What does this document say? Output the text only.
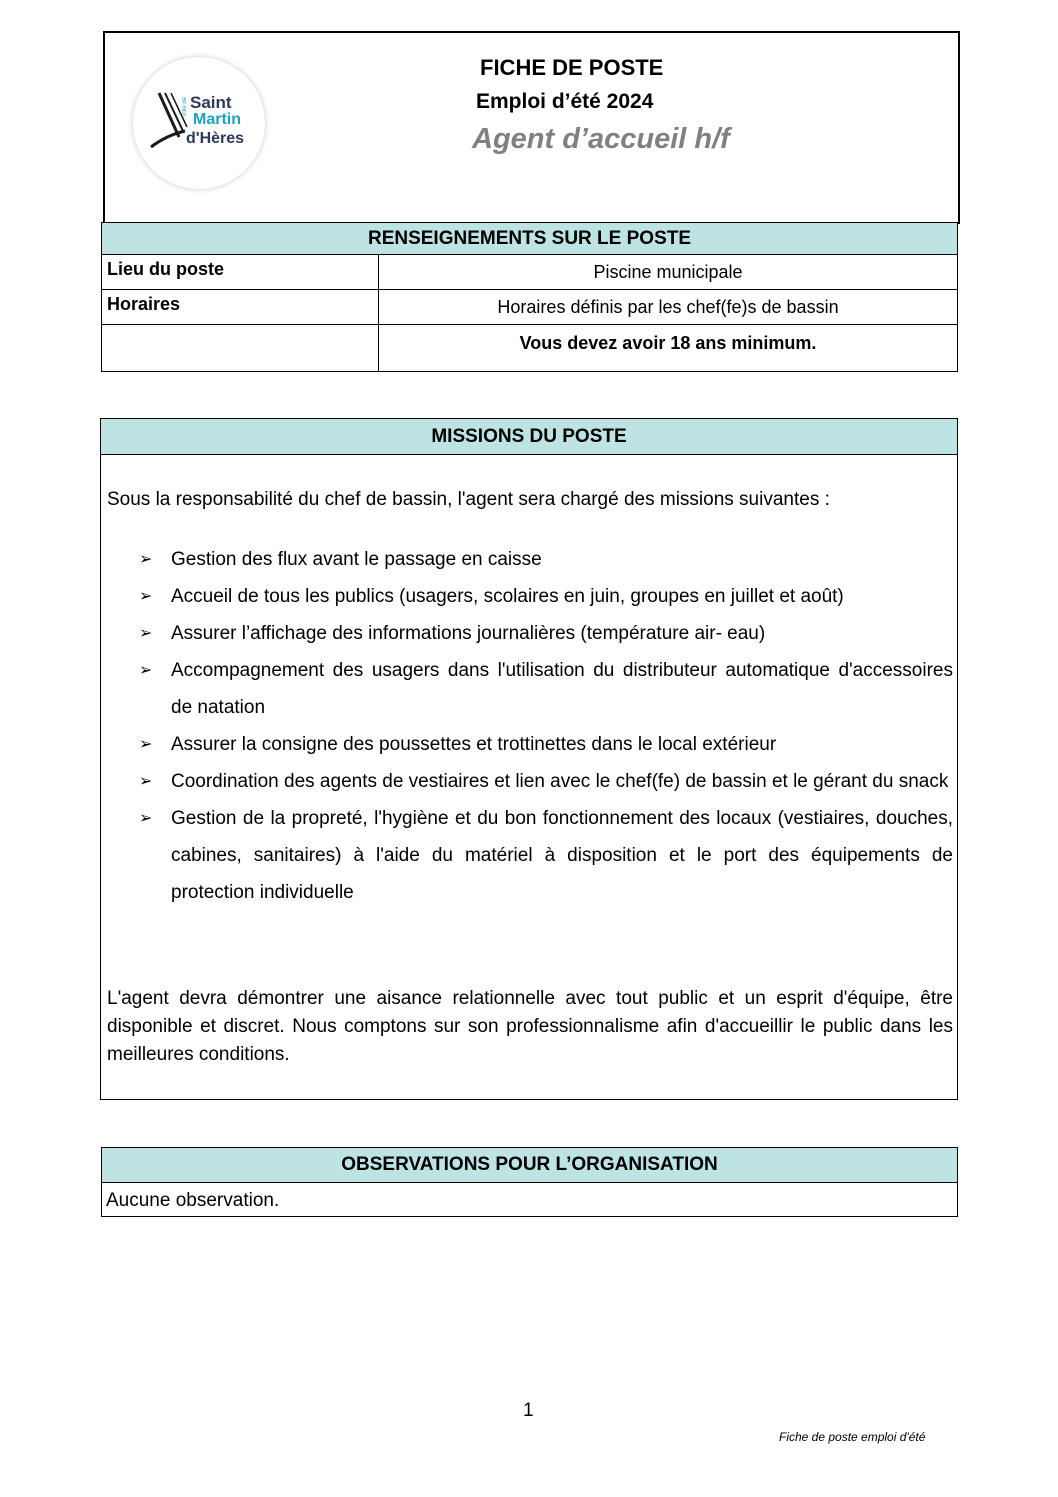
Ville de Saint
Martin
d'Hères
FICHE DE POSTE
Emploi d’été 2024
Agent d’accueil h/f
RENSEIGNEMENTS SUR LE POSTE	
Lieu du poste	Piscine municipale
Horaires	Horaires définis par les chef(fe)s de bassin
	Vous devez avoir 18 ans minimum.
MISSIONS DU POSTE
Sous la responsabilité du chef de bassin, l'agent sera chargé des missions suivantes :
➢ Gestion des flux avant le passage en caisse
➢ Accueil de tous les publics (usagers, scolaires en juin, groupes en juillet et août)
➢ Assurer l’affichage des informations journalières (température air- eau)
➢ Accompagnement des usagers dans l'utilisation du distributeur automatique d'accessoires de natation
➢ Assurer la consigne des poussettes et trottinettes dans le local extérieur
➢ Coordination des agents de vestiaires et lien avec le chef(fe) de bassin et le gérant du snack
➢ Gestion de la propreté, l'hygiène et du bon fonctionnement des locaux (vestiaires, douches, cabines, sanitaires) à l'aide du matériel à disposition et le port des équipements de protection individuelle
L'agent devra démontrer une aisance relationnelle avec tout public et un esprit d'équipe, être disponible et discret. Nous comptons sur son professionnalisme afin d'accueillir le public dans les meilleures conditions.
OBSERVATIONS POUR L’ORGANISATION
Aucune observation.
1
Fiche de poste emploi d'été
